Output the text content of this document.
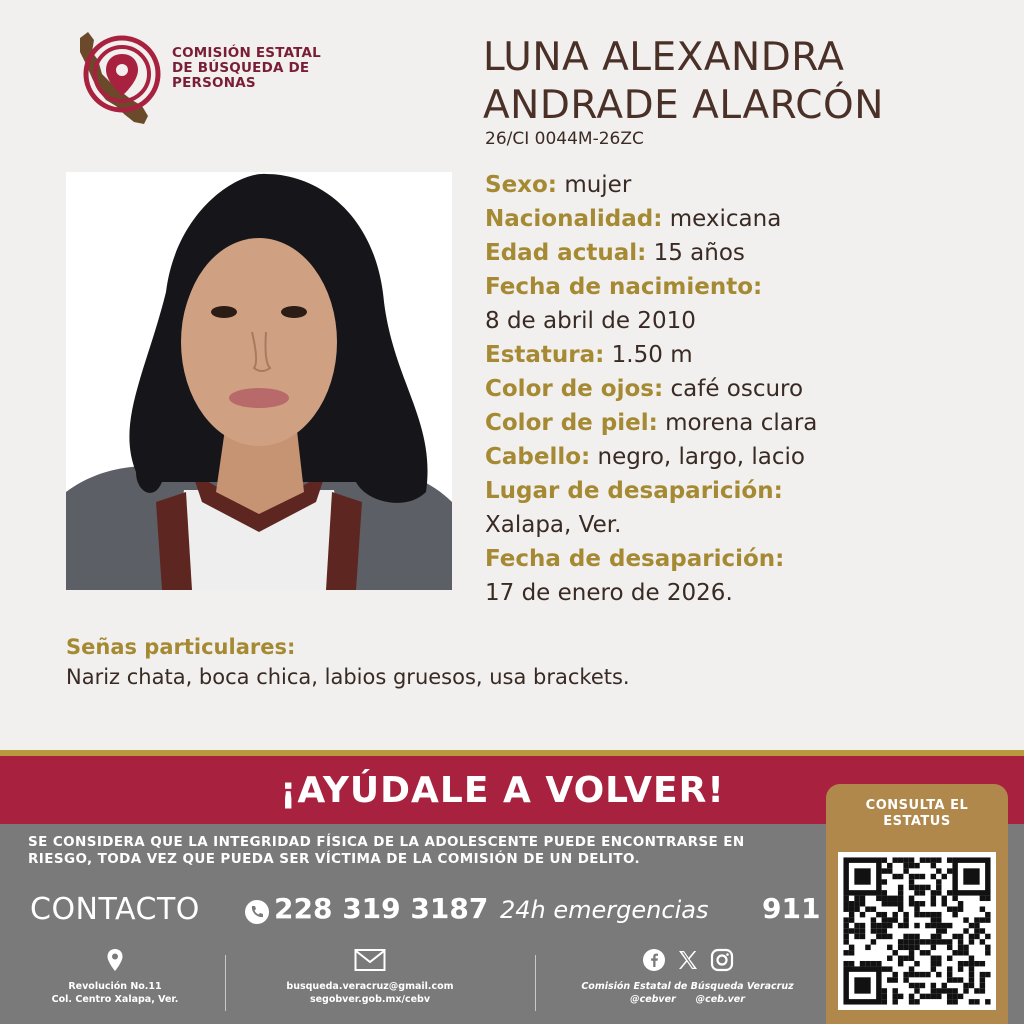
COMISIÓN ESTATAL
DE BÚSQUEDA DE
PERSONAS
LUNA ALEXANDRA
ANDRADE ALARCÓN
26/CI 0044M-26ZC
Sexo: mujer
Nacionalidad: mexicana
Edad actual: 15 años
Fecha de nacimiento:
8 de abril de 2010
Estatura: 1.50 m
Color de ojos: café oscuro
Color de piel: morena clara
Cabello: negro, largo, lacio
Lugar de desaparición:
Xalapa, Ver.
Fecha de desaparición:
17 de enero de 2026.
Señas particulares:
Nariz chata, boca chica, labios gruesos, usa brackets.
¡AYÚDALE A VOLVER!
SE CONSIDERA QUE LA INTEGRIDAD FÍSICA DE LA ADOLESCENTE PUEDE ENCONTRARSE EN
RIESGO, TODA VEZ QUE PUEDA SER VÍCTIMA DE LA COMISIÓN DE UN DELITO.
CONTACTO	228 319 3187 24h emergencias 911
Revolución No.11
Col. Centro Xalapa, Ver.
busqueda.veracruz@gmail.com
segobver.gob.mx/cebv
Comisión Estatal de Búsqueda Veracruz
@cebver      @ceb.ver
CONSULTA EL
ESTATUS
